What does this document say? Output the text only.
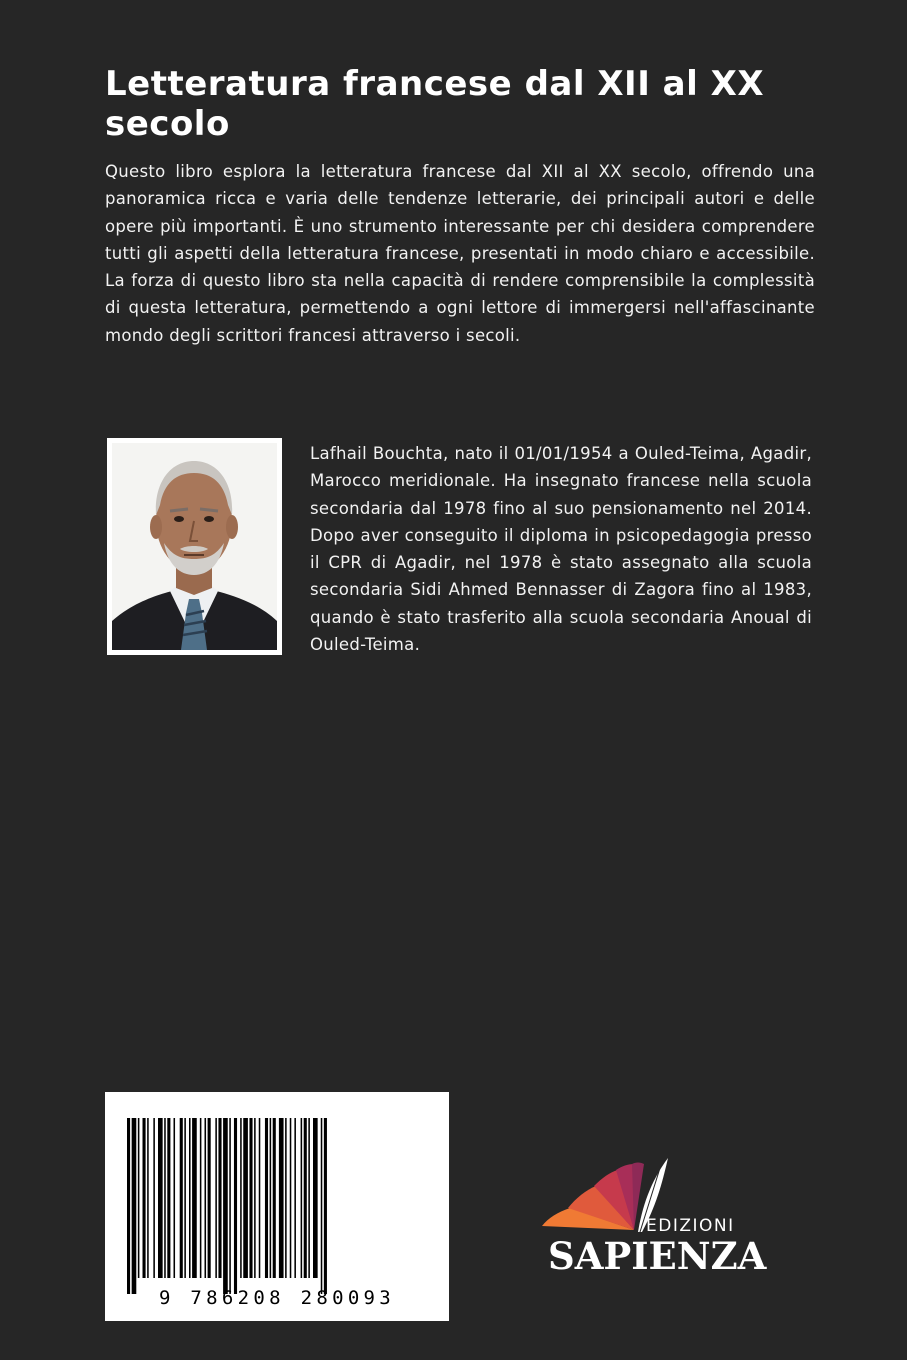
Letteratura francese dal XII al XX secolo

Questo libro esplora la letteratura francese dal XII al XX secolo, offrendo una panoramica ricca e varia delle tendenze letterarie, dei principali autori e delle opere più importanti. È uno strumento interessante per chi desidera comprendere tutti gli aspetti della letteratura francese, presentati in modo chiaro e accessibile. La forza di questo libro sta nella capacità di rendere comprensibile la complessità di questa letteratura, permettendo a ogni lettore di immergersi nell'affascinante mondo degli scrittori francesi attraverso i secoli.

Lafhail Bouchta, nato il 01/01/1954 a Ouled-Teima, Agadir, Marocco meridionale. Ha insegnato francese nella scuola secondaria dal 1978 fino al suo pensionamento nel 2014. Dopo aver conseguito il diploma in psicopedagogia presso il CPR di Agadir, nel 1978 è stato assegnato alla scuola secondaria Sidi Ahmed Bennasser di Zagora fino al 1983, quando è stato trasferito alla scuola secondaria Anoual di Ouled-Teima.

9 786208 280093
EDIZIONI
SAPIENZA
